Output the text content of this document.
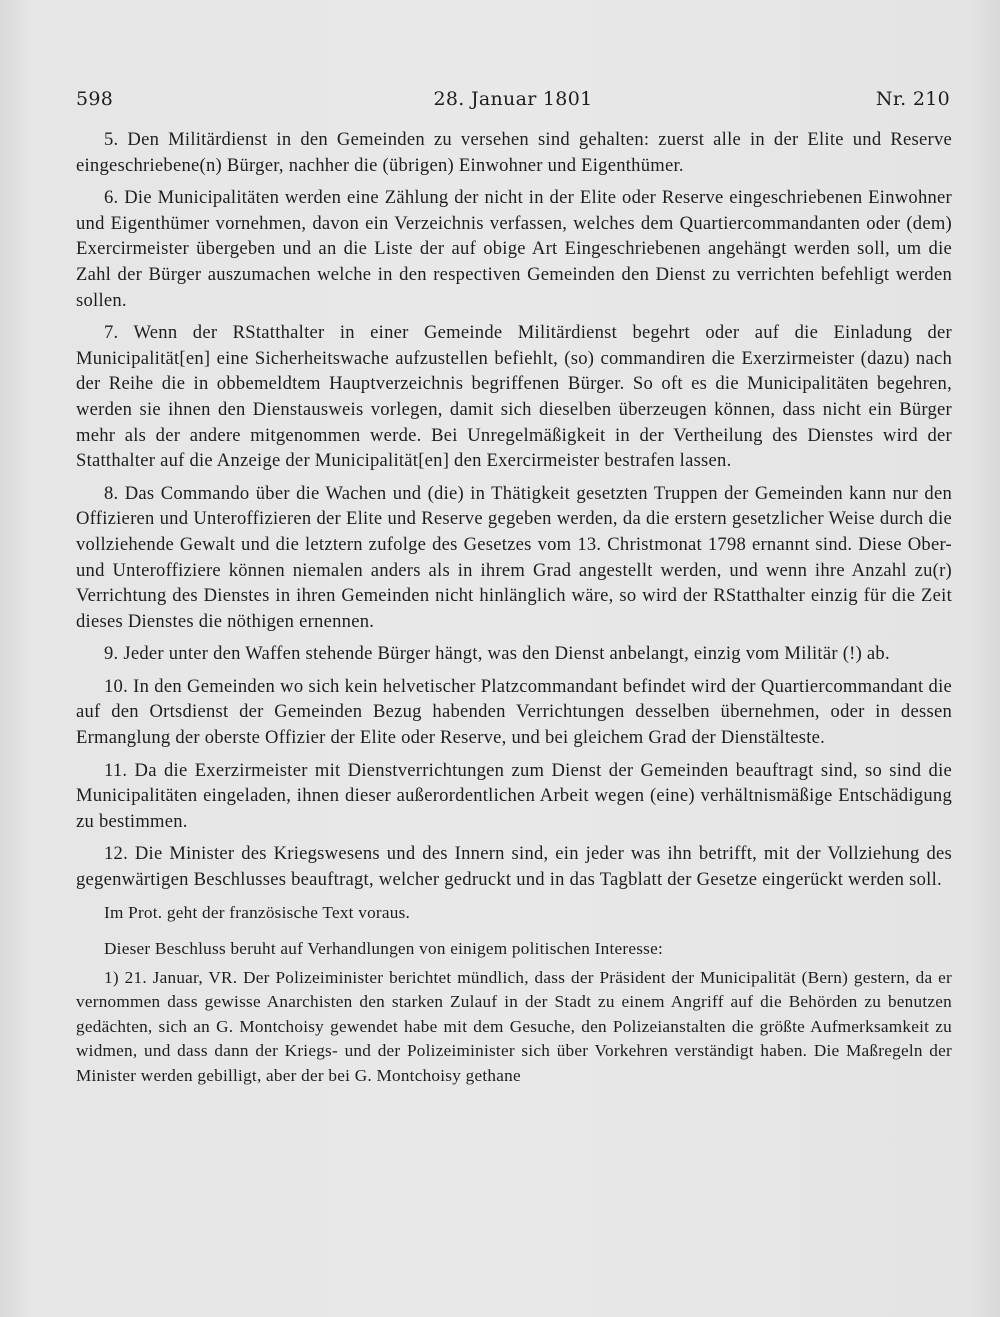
598	28. Januar 1801	Nr. 210

5. Den Militärdienst in den Gemeinden zu versehen sind gehalten: zuerst alle in der Elite und Reserve eingeschriebene(n) Bürger, nachher die (übrigen) Einwohner und Eigenthümer.

6. Die Municipalitäten werden eine Zählung der nicht in der Elite oder Reserve eingeschriebenen Einwohner und Eigenthümer vornehmen, davon ein Verzeichnis verfassen, welches dem Quartiercommandanten oder (dem) Exercirmeister übergeben und an die Liste der auf obige Art Eingeschriebenen angehängt werden soll, um die Zahl der Bürger auszumachen welche in den respectiven Gemeinden den Dienst zu verrichten befehligt werden sollen.

7. Wenn der RStatthalter in einer Gemeinde Militärdienst begehrt oder auf die Einladung der Municipalität[en] eine Sicherheitswache aufzustellen befiehlt, (so) commandiren die Exerzirmeister (dazu) nach der Reihe die in obbemeldtem Hauptverzeichnis begriffenen Bürger. So oft es die Municipalitäten begehren, werden sie ihnen den Dienstausweis vorlegen, damit sich dieselben überzeugen können, dass nicht ein Bürger mehr als der andere mitgenommen werde. Bei Unregelmäßigkeit in der Vertheilung des Dienstes wird der Statthalter auf die Anzeige der Municipalität[en] den Exercirmeister bestrafen lassen.

8. Das Commando über die Wachen und (die) in Thätigkeit gesetzten Truppen der Gemeinden kann nur den Offizieren und Unteroffizieren der Elite und Reserve gegeben werden, da die erstern gesetzlicher Weise durch die vollziehende Gewalt und die letztern zufolge des Gesetzes vom 13. Christmonat 1798 ernannt sind. Diese Ober- und Unteroffiziere können niemalen anders als in ihrem Grad angestellt werden, und wenn ihre Anzahl zu(r) Verrichtung des Dienstes in ihren Gemeinden nicht hinlänglich wäre, so wird der RStatthalter einzig für die Zeit dieses Dienstes die nöthigen ernennen.

9. Jeder unter den Waffen stehende Bürger hängt, was den Dienst anbelangt, einzig vom Militär (!) ab.

10. In den Gemeinden wo sich kein helvetischer Platzcommandant befindet wird der Quartiercommandant die auf den Ortsdienst der Gemeinden Bezug habenden Verrichtungen desselben übernehmen, oder in dessen Ermanglung der oberste Offizier der Elite oder Reserve, und bei gleichem Grad der Dienstälteste.

11. Da die Exerzirmeister mit Dienstverrichtungen zum Dienst der Gemeinden beauftragt sind, so sind die Municipalitäten eingeladen, ihnen dieser außerordentlichen Arbeit wegen (eine) verhältnismäßige Entschädigung zu bestimmen.

12. Die Minister des Kriegswesens und des Innern sind, ein jeder was ihn betrifft, mit der Vollziehung des gegenwärtigen Beschlusses beauftragt, welcher gedruckt und in das Tagblatt der Gesetze eingerückt werden soll.

Im Prot. geht der französische Text voraus.

Dieser Beschluss beruht auf Verhandlungen von einigem politischen Interesse:

1) 21. Januar, VR. Der Polizeiminister berichtet mündlich, dass der Präsident der Municipalität (Bern) gestern, da er vernommen dass gewisse Anarchisten den starken Zulauf in der Stadt zu einem Angriff auf die Behörden zu benutzen gedächten, sich an G. Montchoisy gewendet habe mit dem Gesuche, den Polizeianstalten die größte Aufmerksamkeit zu widmen, und dass dann der Kriegs- und der Polizeiminister sich über Vorkehren verständigt haben. Die Maßregeln der Minister werden gebilligt, aber der bei G. Montchoisy gethane
